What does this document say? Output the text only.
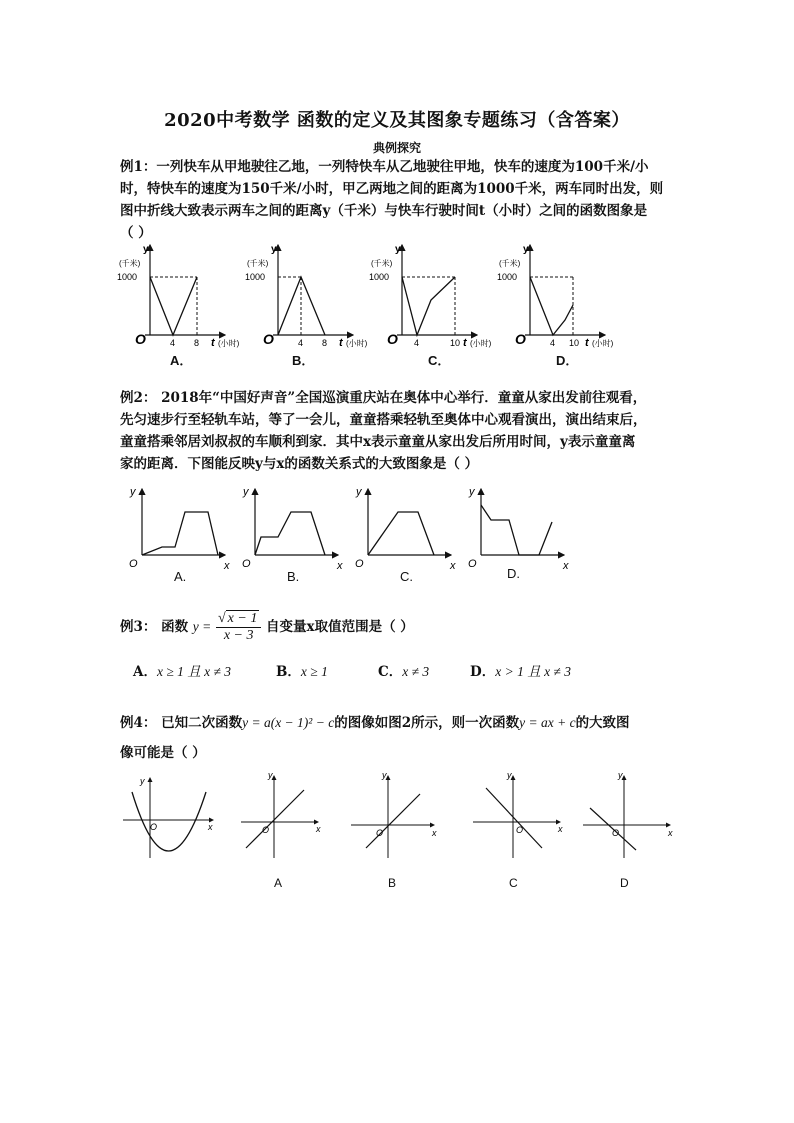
2020中考数学 函数的定义及其图象专题练习（含答案）
典例探究
例1：一列快车从甲地驶往乙地，一列特快车从乙地驶往甲地，快车的速度为100千米/小
时，特快车的速度为150千米/小时，甲乙两地之间的距离为1000千米，两车同时出发，则
图中折线大致表示两车之间的距离y（千米）与快车行驶时间t（小时）之间的函数图象是
（ ）
y
(千米)
1000
O	4 8 t (小时)
y
(千米)
1000
O	4 8 t (小时)
y
(千米)
1000
O 4	10 t (小时)
y
(千米)
1000
O	4 10 t (小时)
A．	B．	C．	D．
例2： 2018年“中国好声音”全国巡演重庆站在奥体中心举行．童童从家出发前往观看，
先匀速步行至轻轨车站，等了一会儿，童童搭乘轻轨至奥体中心观看演出，演出结束后，
童童搭乘邻居刘叔叔的车顺利到家．其中x表示童童从家出发后所用时间，y表示童童离
家的距离．下图能反映y与x的函数关系式的大致图象是（ ）
y
O	x
y
O	x
y
O	x
y
O	x
A.	B.	C.	D.
例3： 函数 $y = \frac{√ x - 1}{x - 3}$ 自变量x取值范围是（ ）
A．x ≥ 1 且 x ≠ 3	B．x ≥ 1	C．x ≠ 3	D．x > 1 且 x ≠ 3
例4： 已知二次函数y = a(x − 1)² − c的图像如图2所示，则一次函数y = ax + c的大致图
像可能是（ ）
y
O	x
y
O	x
y
O	x
y
O	x
y
O	x
A	B	C	D
